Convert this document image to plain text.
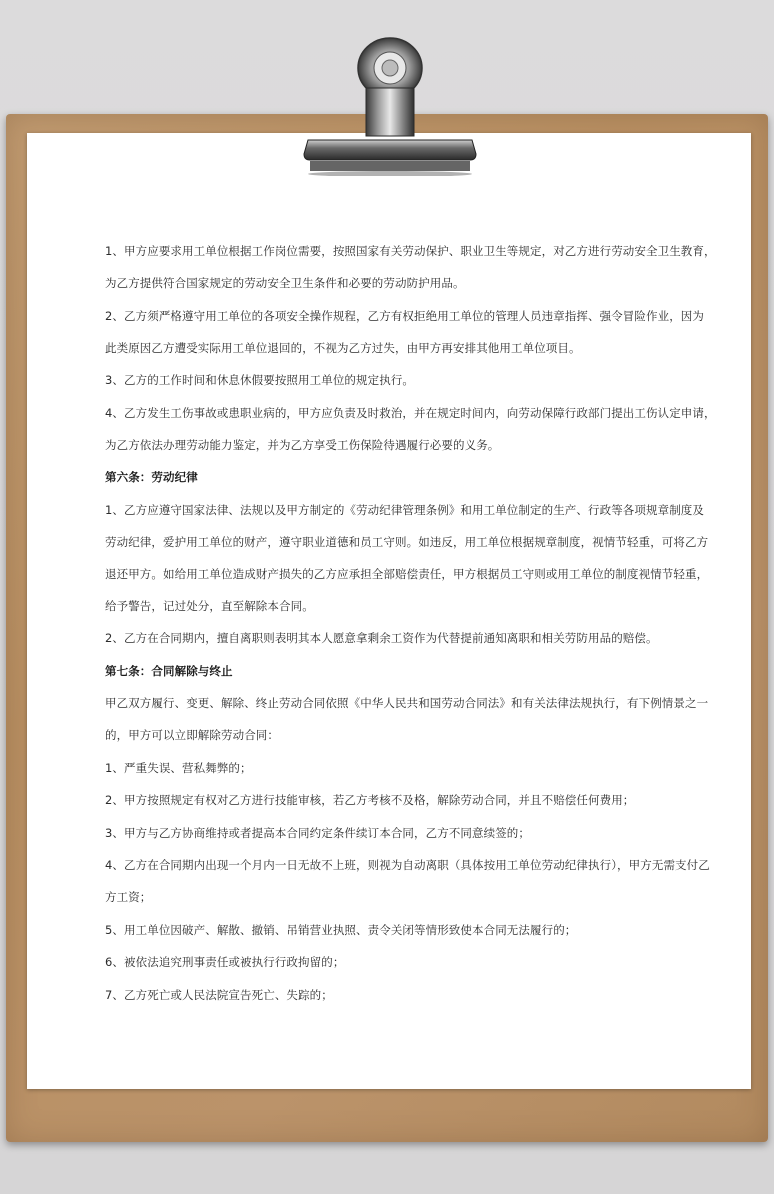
1、甲方应要求用工单位根据工作岗位需要，按照国家有关劳动保护、职业卫生等规定，对乙方进行劳动安全卫生教育，
为乙方提供符合国家规定的劳动安全卫生条件和必要的劳动防护用品。
2、乙方须严格遵守用工单位的各项安全操作规程，乙方有权拒绝用工单位的管理人员违章指挥、强令冒险作业，因为
此类原因乙方遭受实际用工单位退回的，不视为乙方过失，由甲方再安排其他用工单位项目。
3、乙方的工作时间和休息休假要按照用工单位的规定执行。
4、乙方发生工伤事故或患职业病的，甲方应负责及时救治，并在规定时间内，向劳动保障行政部门提出工伤认定申请，
为乙方依法办理劳动能力鉴定，并为乙方享受工伤保险待遇履行必要的义务。
第六条：劳动纪律
1、乙方应遵守国家法律、法规以及甲方制定的《劳动纪律管理条例》和用工单位制定的生产、行政等各项规章制度及
劳动纪律，爱护用工单位的财产，遵守职业道德和员工守则。如违反，用工单位根据规章制度，视情节轻重，可将乙方
退还甲方。如给用工单位造成财产损失的乙方应承担全部赔偿责任，甲方根据员工守则或用工单位的制度视情节轻重，
给予警告，记过处分，直至解除本合同。
2、乙方在合同期内，擅自离职则表明其本人愿意拿剩余工资作为代替提前通知离职和相关劳防用品的赔偿。
第七条：合同解除与终止
甲乙双方履行、变更、解除、终止劳动合同依照《中华人民共和国劳动合同法》和有关法律法规执行，有下例情景之一
的，甲方可以立即解除劳动合同：
1、严重失误、营私舞弊的；
2、甲方按照规定有权对乙方进行技能审核，若乙方考核不及格，解除劳动合同，并且不赔偿任何费用；
3、甲方与乙方协商维持或者提高本合同约定条件续订本合同，乙方不同意续签的；
4、乙方在合同期内出现一个月内一日无故不上班，则视为自动离职（具体按用工单位劳动纪律执行），甲方无需支付乙
方工资；
5、用工单位因破产、解散、撤销、吊销营业执照、责令关闭等情形致使本合同无法履行的；
6、被依法追究刑事责任或被执行行政拘留的；
7、乙方死亡或人民法院宣告死亡、失踪的；
